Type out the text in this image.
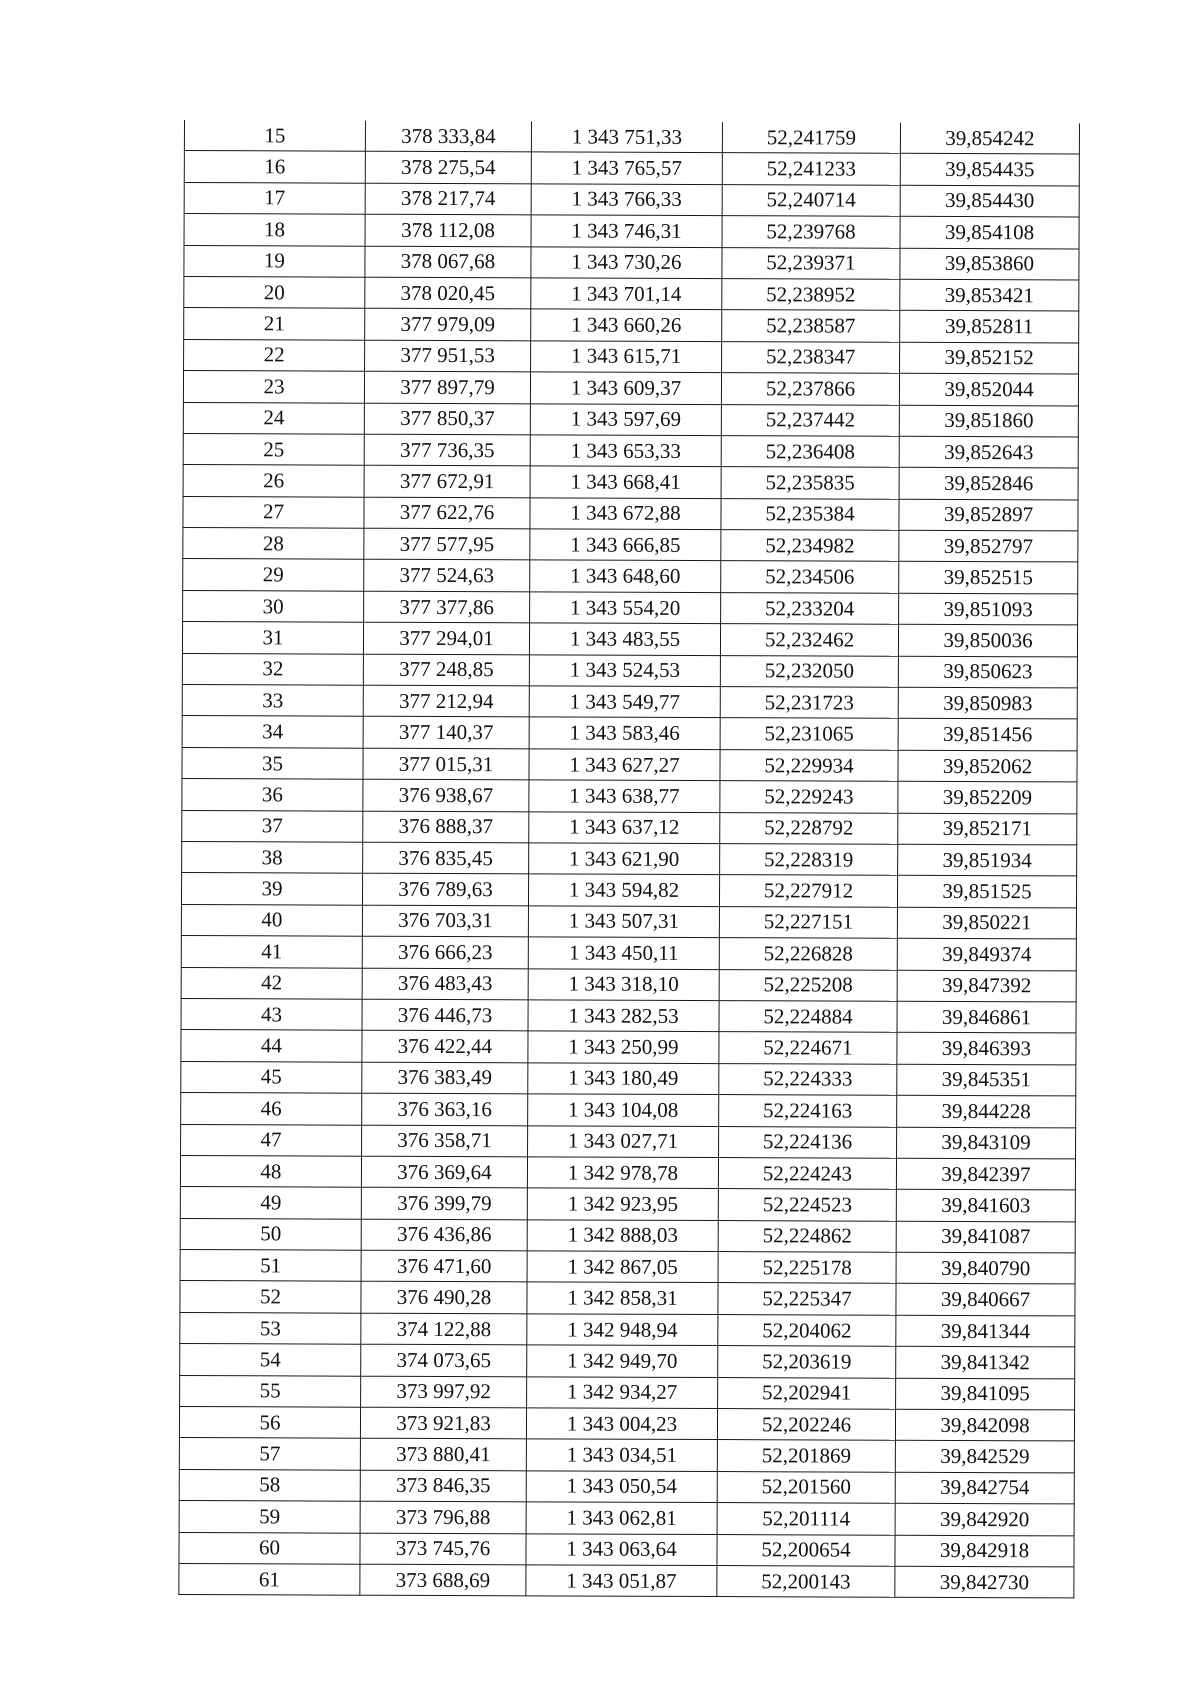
15	378 333,84	1 343 751,33	52,241759	39,854242
16	378 275,54	1 343 765,57	52,241233	39,854435
17	378 217,74	1 343 766,33	52,240714	39,854430
18	378 112,08	1 343 746,31	52,239768	39,854108
19	378 067,68	1 343 730,26	52,239371	39,853860
20	378 020,45	1 343 701,14	52,238952	39,853421
21	377 979,09	1 343 660,26	52,238587	39,852811
22	377 951,53	1 343 615,71	52,238347	39,852152
23	377 897,79	1 343 609,37	52,237866	39,852044
24	377 850,37	1 343 597,69	52,237442	39,851860
25	377 736,35	1 343 653,33	52,236408	39,852643
26	377 672,91	1 343 668,41	52,235835	39,852846
27	377 622,76	1 343 672,88	52,235384	39,852897
28	377 577,95	1 343 666,85	52,234982	39,852797
29	377 524,63	1 343 648,60	52,234506	39,852515
30	377 377,86	1 343 554,20	52,233204	39,851093
31	377 294,01	1 343 483,55	52,232462	39,850036
32	377 248,85	1 343 524,53	52,232050	39,850623
33	377 212,94	1 343 549,77	52,231723	39,850983
34	377 140,37	1 343 583,46	52,231065	39,851456
35	377 015,31	1 343 627,27	52,229934	39,852062
36	376 938,67	1 343 638,77	52,229243	39,852209
37	376 888,37	1 343 637,12	52,228792	39,852171
38	376 835,45	1 343 621,90	52,228319	39,851934
39	376 789,63	1 343 594,82	52,227912	39,851525
40	376 703,31	1 343 507,31	52,227151	39,850221
41	376 666,23	1 343 450,11	52,226828	39,849374
42	376 483,43	1 343 318,10	52,225208	39,847392
43	376 446,73	1 343 282,53	52,224884	39,846861
44	376 422,44	1 343 250,99	52,224671	39,846393
45	376 383,49	1 343 180,49	52,224333	39,845351
46	376 363,16	1 343 104,08	52,224163	39,844228
47	376 358,71	1 343 027,71	52,224136	39,843109
48	376 369,64	1 342 978,78	52,224243	39,842397
49	376 399,79	1 342 923,95	52,224523	39,841603
50	376 436,86	1 342 888,03	52,224862	39,841087
51	376 471,60	1 342 867,05	52,225178	39,840790
52	376 490,28	1 342 858,31	52,225347	39,840667
53	374 122,88	1 342 948,94	52,204062	39,841344
54	374 073,65	1 342 949,70	52,203619	39,841342
55	373 997,92	1 342 934,27	52,202941	39,841095
56	373 921,83	1 343 004,23	52,202246	39,842098
57	373 880,41	1 343 034,51	52,201869	39,842529
58	373 846,35	1 343 050,54	52,201560	39,842754
59	373 796,88	1 343 062,81	52,201114	39,842920
60	373 745,76	1 343 063,64	52,200654	39,842918
61	373 688,69	1 343 051,87	52,200143	39,842730
